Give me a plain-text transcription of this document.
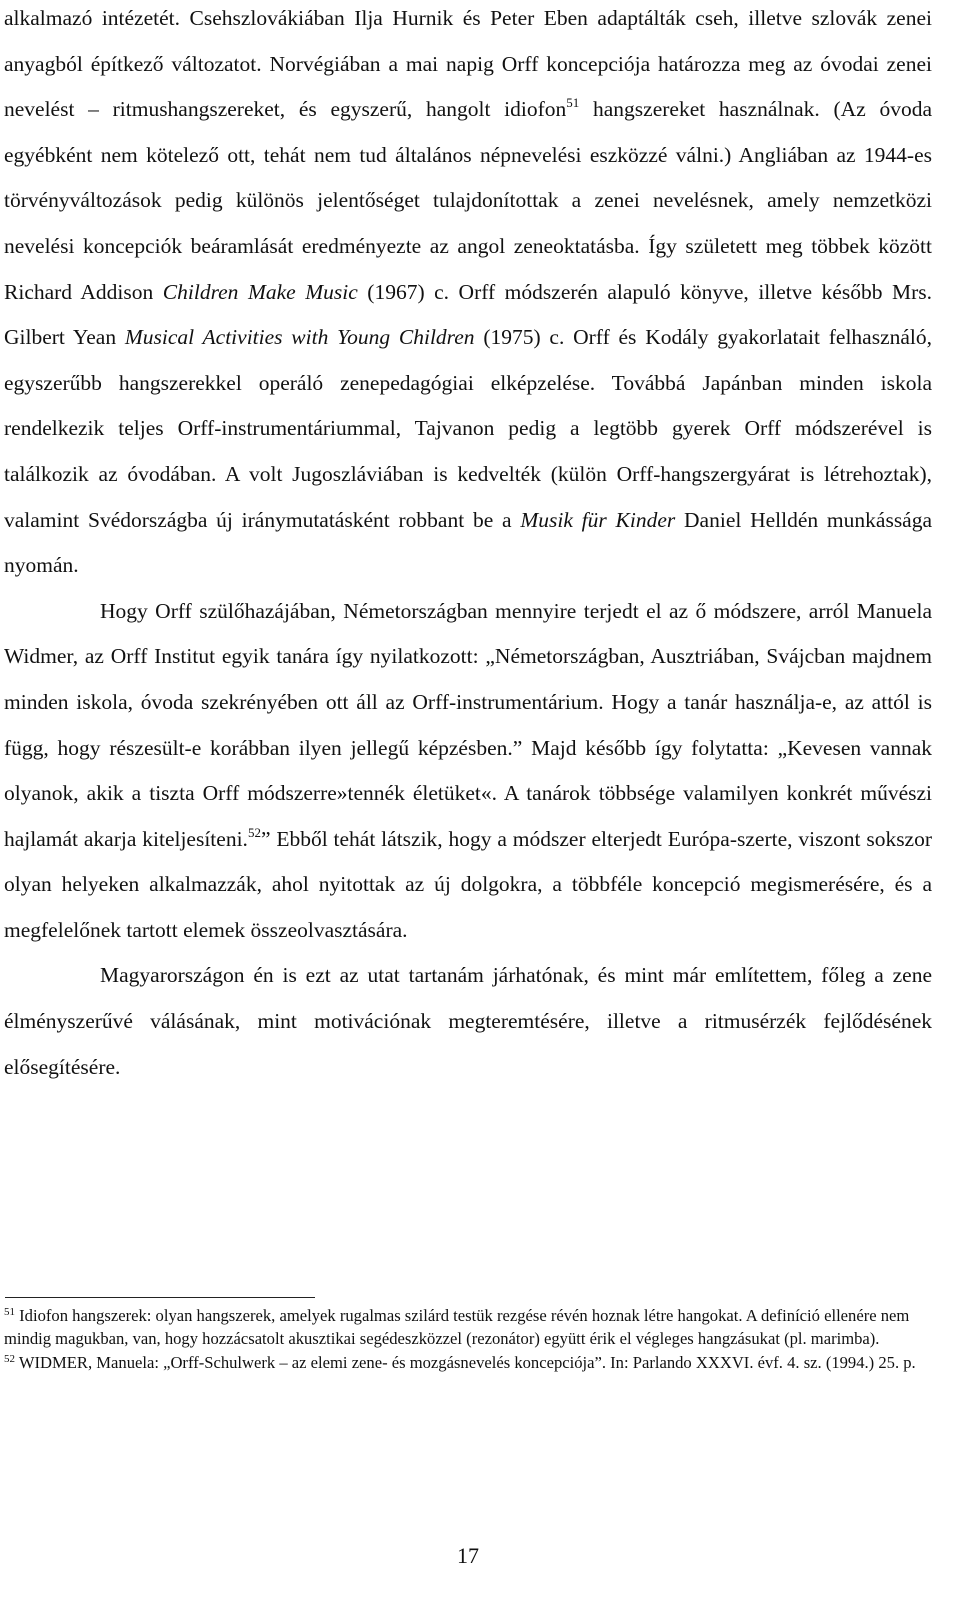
alkalmazó intézetét. Csehszlovákiában Ilja Hurnik és Peter Eben adaptálták cseh, illetve szlovák zenei anyagból építkező változatot. Norvégiában a mai napig Orff koncepciója határozza meg az óvodai zenei nevelést – ritmushangszereket, és egyszerű, hangolt idiofon$^{51}$ hangszereket használnak. (Az óvoda egyébként nem kötelező ott, tehát nem tud általános népnevelési eszközzé válni.) Angliában az 1944-es törvényváltozások pedig különös jelentőséget tulajdonítottak a zenei nevelésnek, amely nemzetközi nevelési koncepciók beáramlását eredményezte az angol zeneoktatásba. Így született meg többek között Richard Addison Children Make Music (1967) c. Orff módszerén alapuló könyve, illetve később Mrs. Gilbert Yean Musical Activities with Young Children (1975) c. Orff és Kodály gyakorlatait felhasználó, egyszerűbb hangszerekkel operáló zenepedagógiai elképzelése. Továbbá Japánban minden iskola rendelkezik teljes Orff-instrumentáriummal, Tajvanon pedig a legtöbb gyerek Orff módszerével is találkozik az óvodában. A volt Jugoszláviában is kedvelték (külön Orff-hangszergyárat is létrehoztak), valamint Svédországba új iránymutatásként robbant be a Musik für Kinder Daniel Helldén munkássága nyomán.

Hogy Orff szülőhazájában, Németországban mennyire terjedt el az ő módszere, arról Manuela Widmer, az Orff Institut egyik tanára így nyilatkozott: „Németországban, Ausztriában, Svájcban majdnem minden iskola, óvoda szekrényében ott áll az Orff-instrumentárium. Hogy a tanár használja-e, az attól is függ, hogy részesült-e korábban ilyen jellegű képzésben.” Majd később így folytatta: „Kevesen vannak olyanok, akik a tiszta Orff módszerre»tennék életüket«. A tanárok többsége valamilyen konkrét művészi hajlamát akarja kiteljesíteni.$^{52}$” Ebből tehát látszik, hogy a módszer elterjedt Európa-szerte, viszont sokszor olyan helyeken alkalmazzák, ahol nyitottak az új dolgokra, a többféle koncepció megismerésére, és a megfelelőnek tartott elemek összeolvasztására.

Magyarországon én is ezt az utat tartanám járhatónak, és mint már említettem, főleg a zene élményszerűvé válásának, mint motivációnak megteremtésére, illetve a ritmusérzék fejlődésének elősegítésére.

$^{51}$ Idiofon hangszerek: olyan hangszerek, amelyek rugalmas szilárd testük rezgése révén hoznak létre hangokat. A definíció ellenére nem mindig magukban, van, hogy hozzácsatolt akusztikai segédeszközzel (rezonátor) együtt érik el végleges hangzásukat (pl. marimba).

$^{52}$ WIDMER, Manuela: „Orff-Schulwerk – az elemi zene- és mozgásnevelés koncepciója”. In: Parlando XXXVI. évf. 4. sz. (1994.) 25. p.

17
